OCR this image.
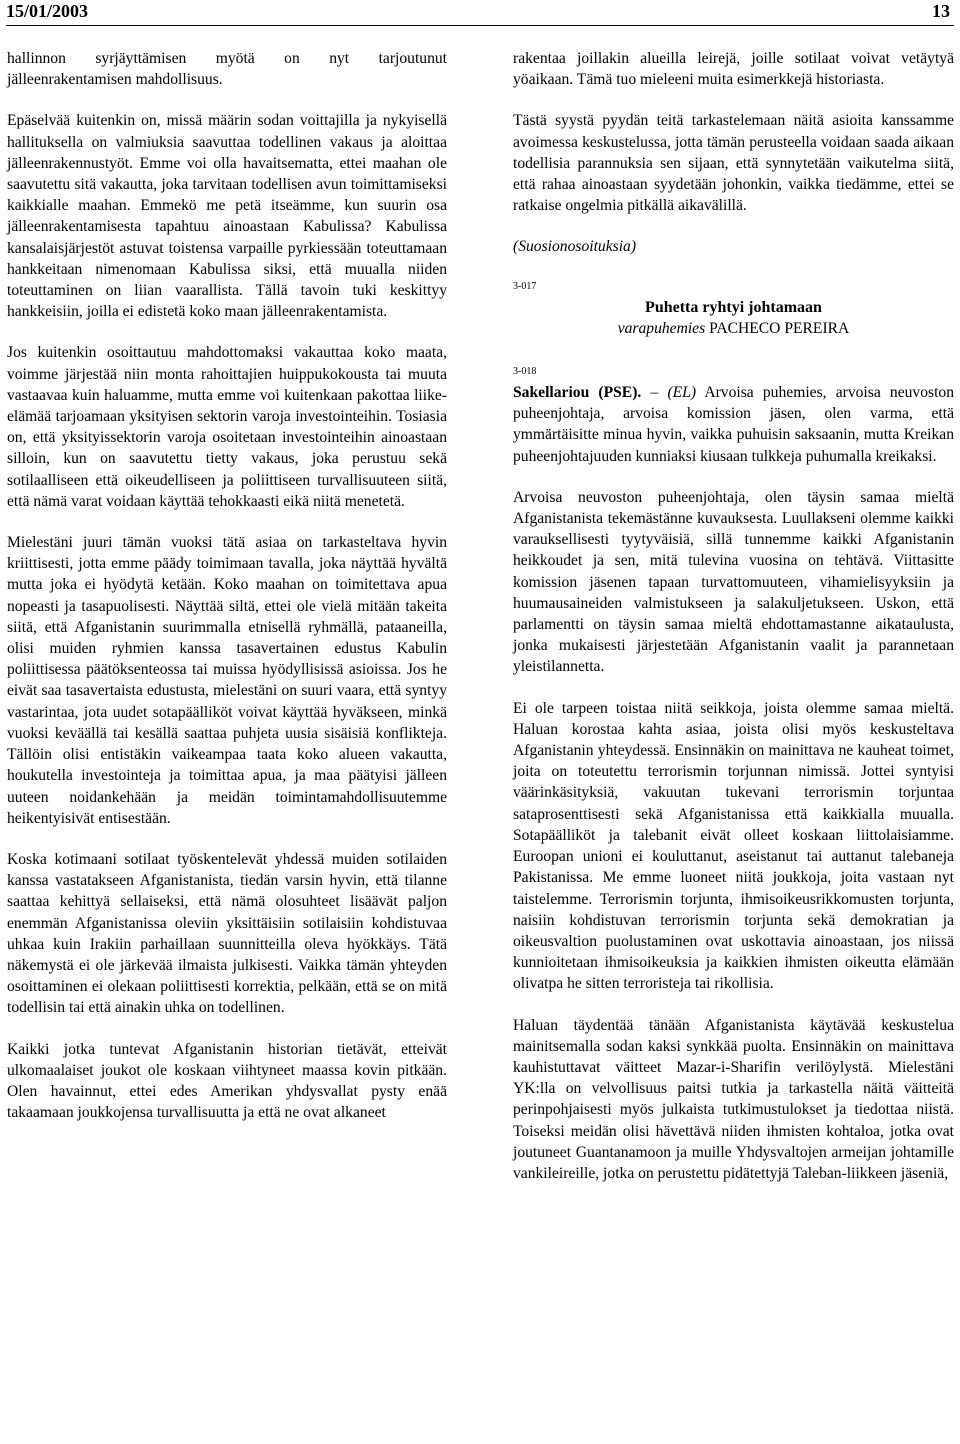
15/01/2003	13

hallinnon syrjäyttämisen myötä on nyt tarjoutunut jälleenrakentamisen mahdollisuus.

Epäselvää kuitenkin on, missä määrin sodan voittajilla ja nykyisellä hallituksella on valmiuksia saavuttaa todellinen vakaus ja aloittaa jälleenrakennustyöt. Emme voi olla havaitsematta, ettei maahan ole saavutettu sitä vakautta, joka tarvitaan todellisen avun toimittamiseksi kaikkialle maahan. Emmekö me petä itseämme, kun suurin osa jälleenrakentamisesta tapahtuu ainoastaan Kabulissa? Kabulissa kansalaisjärjestöt astuvat toistensa varpaille pyrkiessään toteuttamaan hankkeitaan nimenomaan Kabulissa siksi, että muualla niiden toteuttaminen on liian vaarallista. Tällä tavoin tuki keskittyy hankkeisiin, joilla ei edistetä koko maan jälleenrakentamista.

Jos kuitenkin osoittautuu mahdottomaksi vakauttaa koko maata, voimme järjestää niin monta rahoittajien huippukokousta tai muuta vastaavaa kuin haluamme, mutta emme voi kuitenkaan pakottaa liike-elämää tarjoamaan yksityisen sektorin varoja investointeihin. Tosiasia on, että yksityissektorin varoja osoitetaan investointeihin ainoastaan silloin, kun on saavutettu tietty vakaus, joka perustuu sekä sotilaalliseen että oikeudelliseen ja poliittiseen turvallisuuteen siitä, että nämä varat voidaan käyttää tehokkaasti eikä niitä menetetä.

Mielestäni juuri tämän vuoksi tätä asiaa on tarkasteltava hyvin kriittisesti, jotta emme päädy toimimaan tavalla, joka näyttää hyvältä mutta joka ei hyödytä ketään. Koko maahan on toimitettava apua nopeasti ja tasapuolisesti. Näyttää siltä, ettei ole vielä mitään takeita siitä, että Afganistanin suurimmalla etnisellä ryhmällä, pataaneilla, olisi muiden ryhmien kanssa tasavertainen edustus Kabulin poliittisessa päätöksenteossa tai muissa hyödyllisissä asioissa. Jos he eivät saa tasavertaista edustusta, mielestäni on suuri vaara, että syntyy vastarintaa, jota uudet sotapäälliköt voivat käyttää hyväkseen, minkä vuoksi keväällä tai kesällä saattaa puhjeta uusia sisäisiä konflikteja. Tällöin olisi entistäkin vaikeampaa taata koko alueen vakautta, houkutella investointeja ja toimittaa apua, ja maa päätyisi jälleen uuteen noidankehään ja meidän toimintamahdollisuutemme heikentyisivät entisestään.

Koska kotimaani sotilaat työskentelevät yhdessä muiden sotilaiden kanssa vastatakseen Afganistanista, tiedän varsin hyvin, että tilanne saattaa kehittyä sellaiseksi, että nämä olosuhteet lisäävät paljon enemmän Afganistanissa oleviin yksittäisiin sotilaisiin kohdistuvaa uhkaa kuin Irakiin parhaillaan suunnitteilla oleva hyökkäys. Tätä näkemystä ei ole järkevää ilmaista julkisesti. Vaikka tämän yhteyden osoittaminen ei olekaan poliittisesti korrektia, pelkään, että se on mitä todellisin tai että ainakin uhka on todellinen.

Kaikki jotka tuntevat Afganistanin historian tietävät, etteivät ulkomaalaiset joukot ole koskaan viihtyneet maassa kovin pitkään. Olen havainnut, ettei edes Amerikan yhdysvallat pysty enää takaamaan joukkojensa turvallisuutta ja että ne ovat alkaneet

rakentaa joillakin alueilla leirejä, joille sotilaat voivat vetäytyä yöaikaan. Tämä tuo mieleeni muita esimerkkejä historiasta.

Tästä syystä pyydän teitä tarkastelemaan näitä asioita kanssamme avoimessa keskustelussa, jotta tämän perusteella voidaan saada aikaan todellisia parannuksia sen sijaan, että synnytetään vaikutelma siitä, että rahaa ainoastaan syydetään johonkin, vaikka tiedämme, ettei se ratkaise ongelmia pitkällä aikavälillä.

(Suosionosoituksia)

3-017
Puhetta ryhtyi johtamaan
varapuhemies PACHECO PEREIRA
3-018

Sakellariou (PSE). – (EL) Arvoisa puhemies, arvoisa neuvoston puheenjohtaja, arvoisa komission jäsen, olen varma, että ymmärtäisitte minua hyvin, vaikka puhuisin saksaanin, mutta Kreikan puheenjohtajuuden kunniaksi kiusaan tulkkeja puhumalla kreikaksi.

Arvoisa neuvoston puheenjohtaja, olen täysin samaa mieltä Afganistanista tekemästänne kuvauksesta. Luullakseni olemme kaikki varauksellisesti tyytyväisiä, sillä tunnemme kaikki Afganistanin heikkoudet ja sen, mitä tulevina vuosina on tehtävä. Viittasitte komission jäsenen tapaan turvattomuuteen, vihamielisyyksiin ja huumausaineiden valmistukseen ja salakuljetukseen. Uskon, että parlamentti on täysin samaa mieltä ehdottamastanne aikataulusta, jonka mukaisesti järjestetään Afganistanin vaalit ja parannetaan yleistilannetta.

Ei ole tarpeen toistaa niitä seikkoja, joista olemme samaa mieltä. Haluan korostaa kahta asiaa, joista olisi myös keskusteltava Afganistanin yhteydessä. Ensinnäkin on mainittava ne kauheat toimet, joita on toteutettu terrorismin torjunnan nimissä. Jottei syntyisi väärinkäsityksiä, vakuutan tukevani terrorismin torjuntaa sataprosenttisesti sekä Afganistanissa että kaikkialla muualla. Sotapäälliköt ja talebanit eivät olleet koskaan liittolaisiamme. Euroopan unioni ei kouluttanut, aseistanut tai auttanut talebaneja Pakistanissa. Me emme luoneet niitä joukkoja, joita vastaan nyt taistelemme. Terrorismin torjunta, ihmisoikeusrikkomusten torjunta, naisiin kohdistuvan terrorismin torjunta sekä demokratian ja oikeusvaltion puolustaminen ovat uskottavia ainoastaan, jos niissä kunnioitetaan ihmisoikeuksia ja kaikkien ihmisten oikeutta elämään olivatpa he sitten terroristeja tai rikollisia.

Haluan täydentää tänään Afganistanista käytävää keskustelua mainitsemalla sodan kaksi synkkää puolta. Ensinnäkin on mainittava kauhistuttavat väitteet Mazar-i-Sharifin verilöylystä. Mielestäni YK:lla on velvollisuus paitsi tutkia ja tarkastella näitä väitteitä perinpohjaisesti myös julkaista tutkimustulokset ja tiedottaa niistä. Toiseksi meidän olisi hävettävä niiden ihmisten kohtaloa, jotka ovat joutuneet Guantanamoon ja muille Yhdysvaltojen armeijan johtamille vankileireille, jotka on perustettu pidätettyjä Taleban-liikkeen jäseniä,
